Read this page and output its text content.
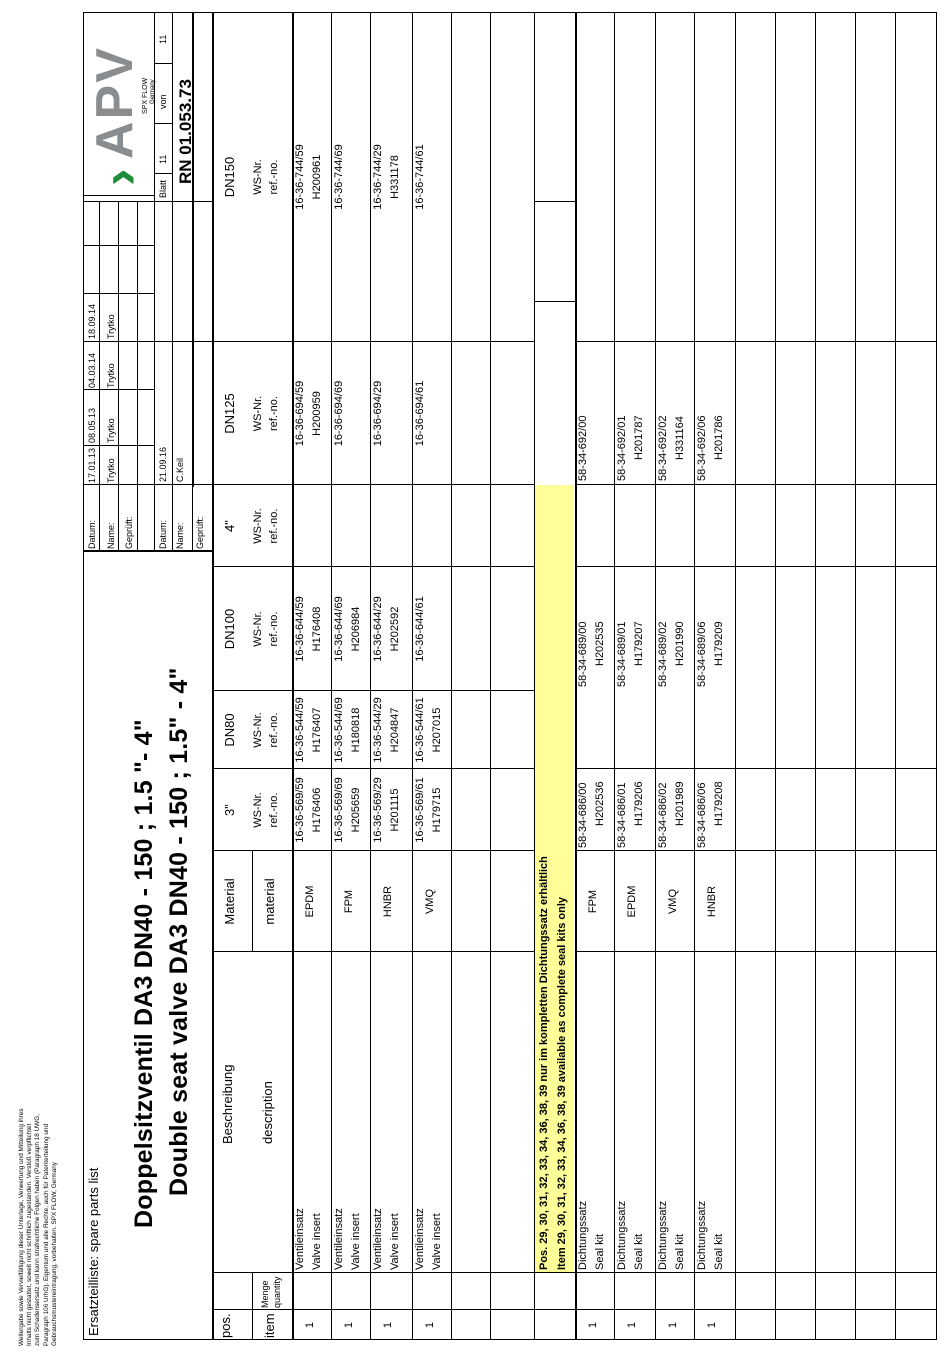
Weitergabe sowie Vervielfältigung dieser Unterlage, Verwertung und Mitteilung ihres Inhalts nicht gestattet, soweit nicht schriftlich zugestanden. Verstoß verpflichtet zum Schadensersatz und kann strafrechtliche Folgen haben (Paragraph 18 UWG, Paragraph 106 UrhG). Eigentum und alle Rechte, auch für Patenterteilung und Gebrauchsmustereintragung, vorbehalten. SPX FLOW, Germany Ersatzteilliste: spare parts list
Doppelsitzventil DA3 DN40 - 150 ; 1.5 "- 4" Double seat valve DA3 DN40 - 150 ; 1.5" - 4"
Datum: Name: Geprüft:	Datum: Name: Geprüft:
17.01.13 Trytko
08.05.13 Trytko
04.03.14 Trytko
18.09.14 Trytko
21.09.16 C.Keil
›
APV
SPX FLOW Germany
Blatt
11
von
11
RN 01.053.73
pos. item
Menge quantity
Beschreibung description
Material material
3" WS-Nr. ref.-no.
DN80 WS-Nr. ref.-no.
DN100 WS-Nr. ref.-no.
4" WS-Nr. ref.-no.
DN125 WS-Nr. ref.-no.
DN150 WS-Nr. ref.-no.
1
Ventileinsatz Valve insert
EPDM
16-36-569/59 H176406
16-36-544/59 H176407
16-36-644/59 H176408
16-36-694/59 H200959
16-36-744/59 H200961
1
Ventileinsatz Valve insert
FPM
16-36-569/69 H205659
16-36-544/69 H180818
16-36-644/69 H206984
16-36-694/69
16-36-744/69
1
Ventileinsatz Valve insert
HNBR
16-36-569/29 H201115
16-36-544/29 H204847
16-36-644/29 H202592
16-36-694/29
16-36-744/29 H331178
1
Ventileinsatz Valve insert
VMQ
16-36-569/61 H179715
16-36-544/61 H207015
16-36-644/61
16-36-694/61
16-36-744/61
Pos. 29, 30, 31, 32, 33, 34, 36, 38, 39 nur im kompletten Dichtungssatz erhältlich Item 29, 30, 31, 32, 33, 34, 36, 38, 39 available as complete seal kits only
1
Dichtungssatz Seal kit
FPM
58-34-686/00 H202536
58-34-689/00 H202535
58-34-692/00
1
Dichtungssatz Seal kit
EPDM
58-34-686/01 H179206
58-34-689/01 H179207
58-34-692/01 H201787
1
Dichtungssatz Seal kit
VMQ
58-34-686/02 H201989
58-34-689/02 H201990
58-34-692/02 H331164
1
Dichtungssatz Seal kit
HNBR
58-34-686/06 H179208
58-34-689/06 H179209
58-34-692/06 H201786
